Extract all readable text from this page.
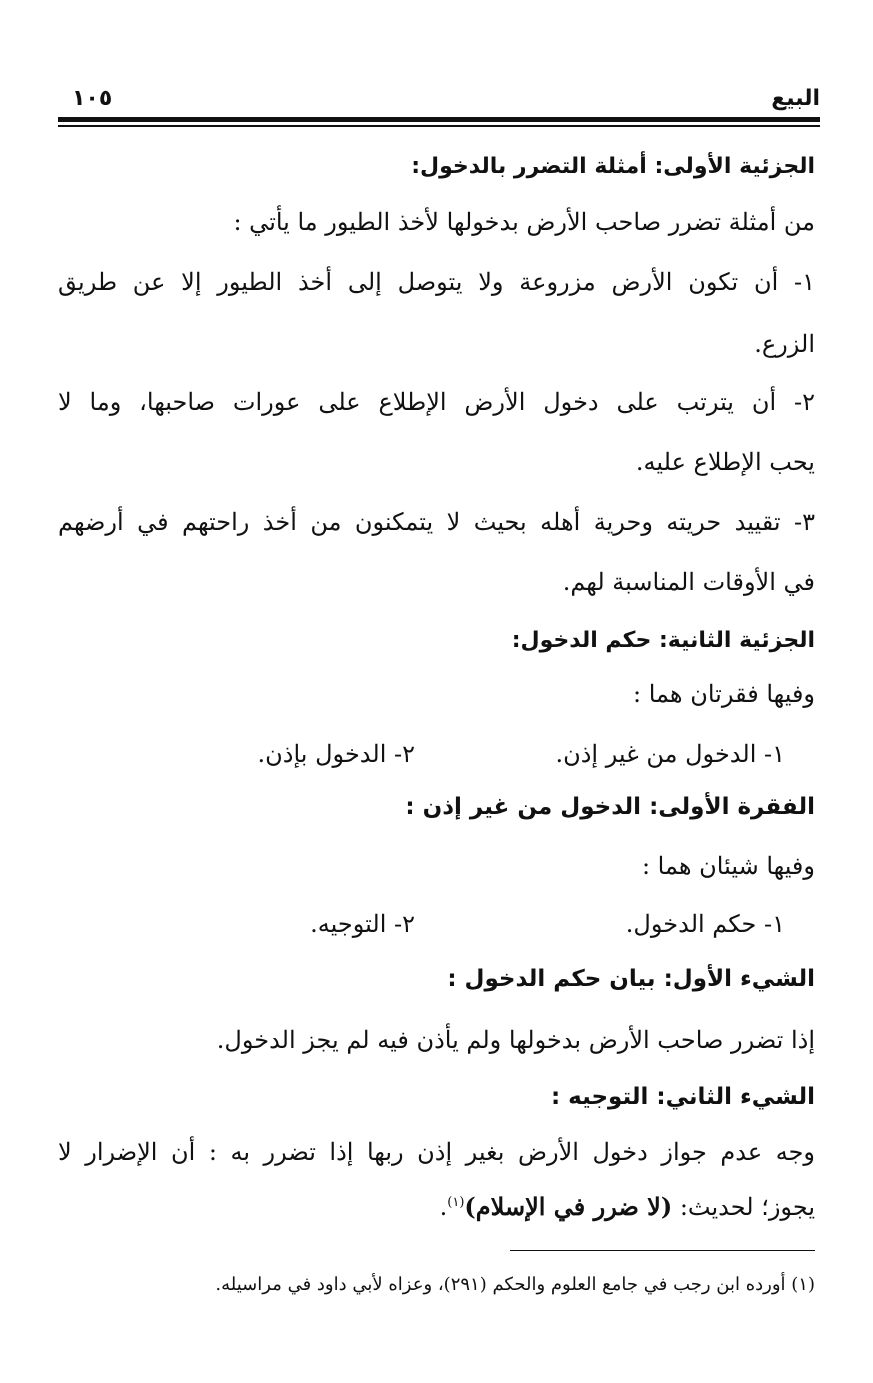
البيع
١٠٥
الجزئية الأولى: أمثلة التضرر بالدخول:
من أمثلة تضرر صاحب الأرض بدخولها لأخذ الطيور ما يأتي :
١- أن تكون الأرض مزروعة ولا يتوصل إلى أخذ الطيور إلا عن طريق
الزرع.
٢- أن يترتب على دخول الأرض الإطلاع على عورات صاحبها، وما لا
يحب الإطلاع عليه.
٣- تقييد حريته وحرية أهله بحيث لا يتمكنون من أخذ راحتهم في أرضهم
في الأوقات المناسبة لهم.
الجزئية الثانية: حكم الدخول:
وفيها فقرتان هما :
١- الدخول من غير إذن.
٢- الدخول بإذن.
الفقرة الأولى: الدخول من غير إذن :
وفيها شيئان هما :
١- حكم الدخول.
٢- التوجيه.
الشيء الأول: بيان حكم الدخول :
إذا تضرر صاحب الأرض بدخولها ولم يأذن فيه لم يجز الدخول.
الشيء الثاني: التوجيه :
وجه عدم جواز دخول الأرض بغير إذن ربها إذا تضرر به : أن الإضرار لا
يجوز؛ لحديث: (لا ضرر في الإسلام)$^{(١)}$.
(١) أورده ابن رجب في جامع العلوم والحكم (٢٩١)، وعزاه لأبي داود في مراسيله.
